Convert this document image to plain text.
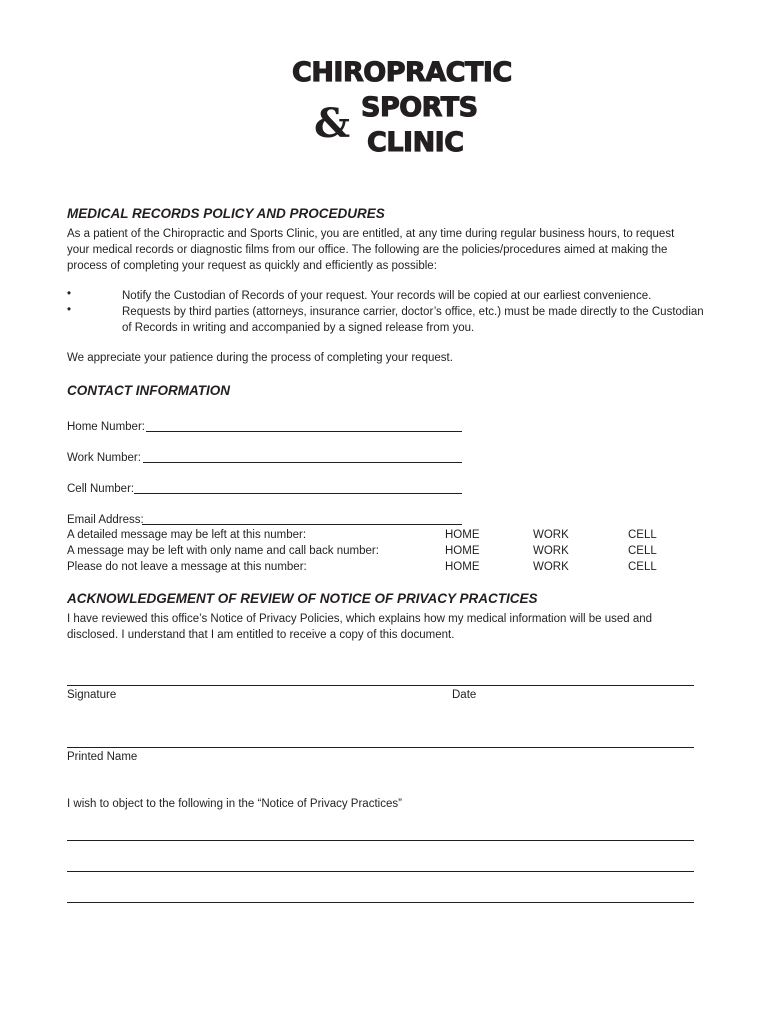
CHIROPRACTIC
& SPORTS
CLINIC
MEDICAL RECORDS POLICY AND PROCEDURES
As a patient of the Chiropractic and Sports Clinic, you are entitled, at any time during regular business hours, to request
your medical records or diagnostic films from our office. The following are the policies/procedures aimed at making the
process of completing your request as quickly and efficiently as possible:
•	Notify the Custodian of Records of your request. Your records will be copied at our earliest convenience.
•	Requests by third parties (attorneys, insurance carrier, doctor’s office, etc.) must be made directly to the Custodian
of Records in writing and accompanied by a signed release from you.
We appreciate your patience during the process of completing your request.
CONTACT INFORMATION
Home Number:
Work Number:
Cell Number:
Email Address:
A detailed message may be left at this number:	HOME	WORK	CELL
A message may be left with only name and call back number:	HOME	WORK	CELL
Please do not leave a message at this number:	HOME	WORK	CELL
ACKNOWLEDGEMENT OF REVIEW OF NOTICE OF PRIVACY PRACTICES
I have reviewed this office’s Notice of Privacy Policies, which explains how my medical information will be used and
disclosed. I understand that I am entitled to receive a copy of this document.
Signature	Date
Printed Name
I wish to object to the following in the “Notice of Privacy Practices”
